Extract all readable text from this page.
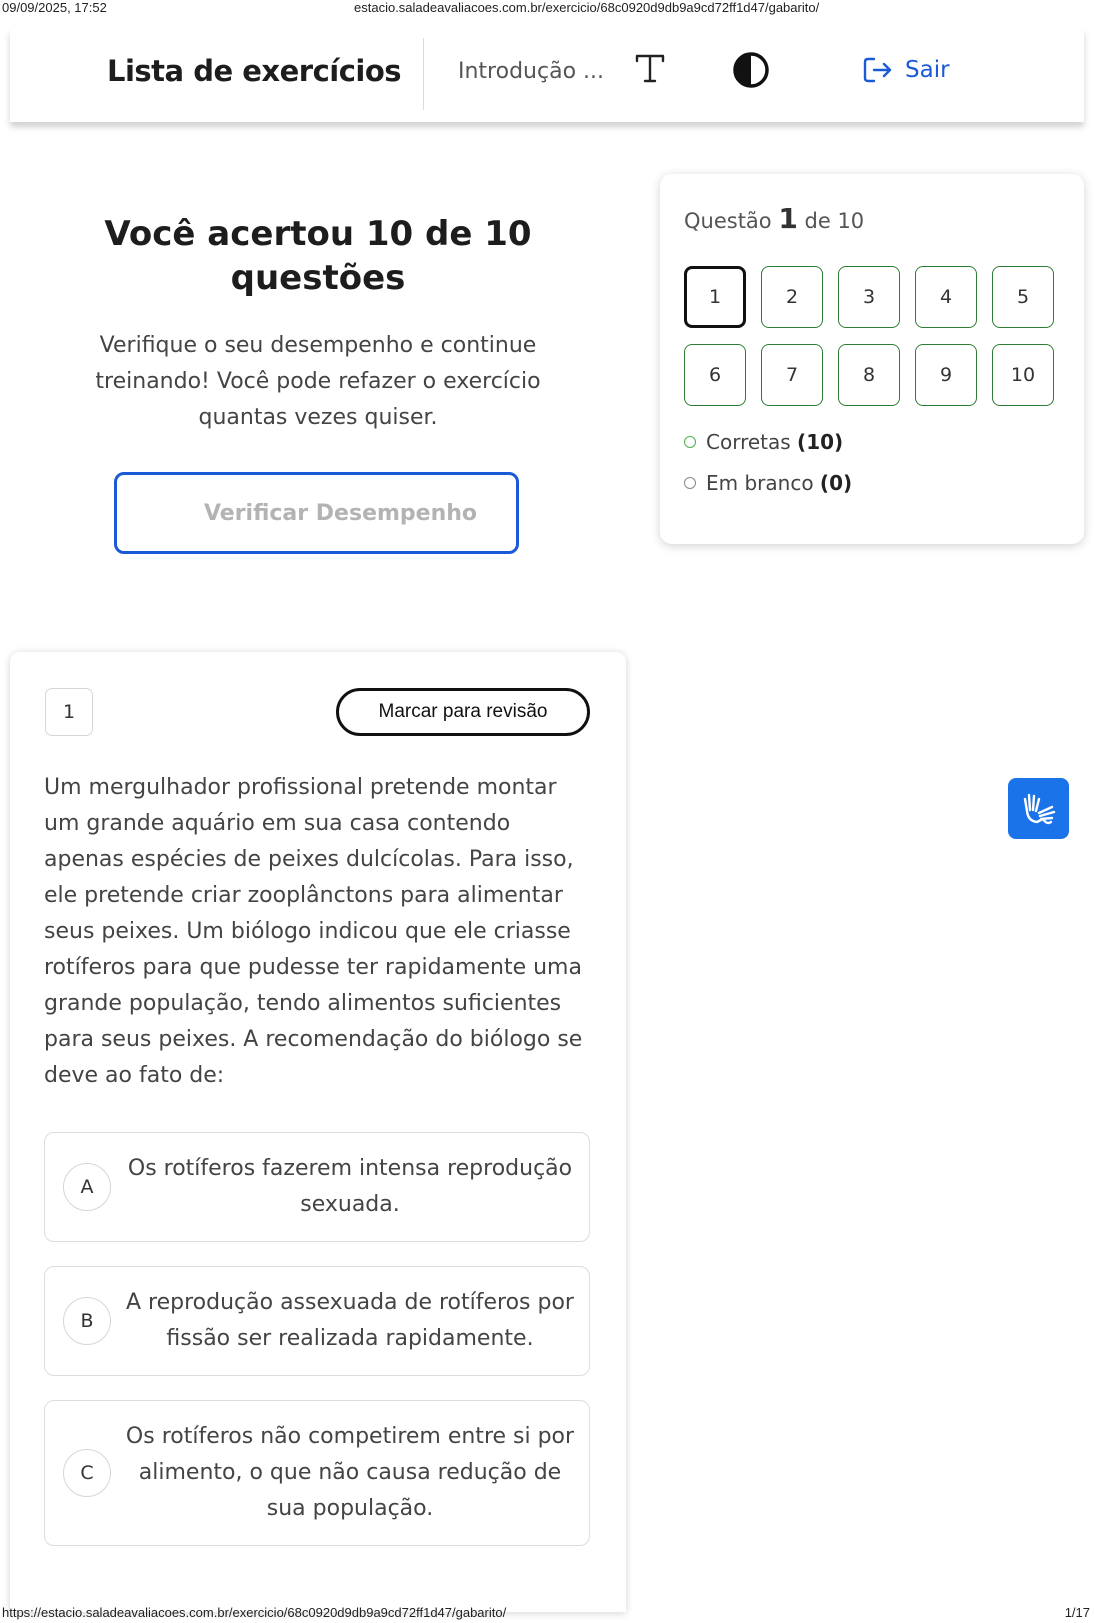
09/09/2025, 17:52	estacio.saladeavaliacoes.com.br/exercicio/68c0920d9db9a9cd72ff1d47/gabarito/
Lista de exercícios	Introdução ...	Sair
Você acertou 10 de 10 questões

Verifique o seu desempenho e continue treinando! Você pode refazer o exercício quantas vezes quiser.

Verificar Desempenho
Questão 1 de 10
1	2	3	4	5
6	7	8	9	10
Corretas (10)
Em branco (0)
1	Marcar para revisão

Um mergulhador profissional pretende montar um grande aquário em sua casa contendo apenas espécies de peixes dulcícolas. Para isso, ele pretende criar zooplânctons para alimentar seus peixes. Um biólogo indicou que ele criasse rotíferos para que pudesse ter rapidamente uma grande população, tendo alimentos suficientes para seus peixes. A recomendação do biólogo se deve ao fato de:

A
Os rotíferos fazerem intensa reprodução sexuada.
B
A reprodução assexuada de rotíferos por fissão ser realizada rapidamente.
C
Os rotíferos não competirem entre si por alimento, o que não causa redução de sua população.
https://estacio.saladeavaliacoes.com.br/exercicio/68c0920d9db9a9cd72ff1d47/gabarito/	1/17
